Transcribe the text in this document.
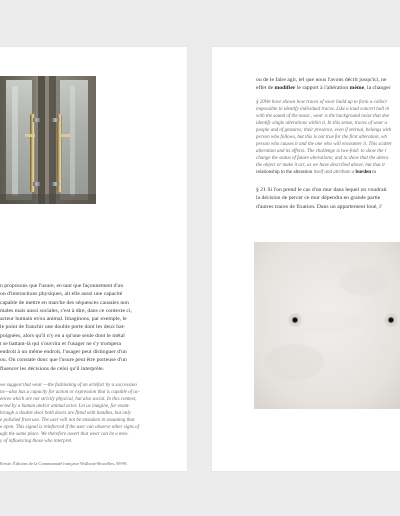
n proposons que l'usure, en tant que façonnement d'un
on d'interactions physiques, ait elle aussi une capacité
capable de mettre en marche des séquences causales non
males mais aussi sociales, c'est à dire, dans ce contexte ci,
acteur humain et/ou animal. Imaginons, par exemple, le
le point de franchir une double porte dont les deux bat-
poignées, alors qu'il n'y en a qu'une seule dont le métal
t se battant-là qui s'ouvrira et l'usager ne s'y trompera
endroit à un même endroit, l'usager peut distinguer d'un
ou. On constate donc que l'usure peut être porteuse d'un
fluencer les décisions de celui qu'il interprète.
we suggest that wear —the fashioning of an artefact by a succession
ns—also has a capacity for action or expression that is capable of ac-
ences which are not strictly physical, but also social. In this context,
ected by a human and/or animal actor. Let us imagine, for exam-
hrough a double door both doors are fitted with handles, but only
e polished from use. The user will not be mistaken in assuming that
e open. This signal is reinforced if the user can observe other signs of
ugh the same place. We therefore assert that wear can be a mes-
y of influencing those who interpret.
Eerste. Éditions de la Communauté française Wallonie-Bruxelles, 88-99.
ou de le faire agir, tel que nous l'avons décrit jusqu'ici, ne
effet de modifier le rapport à l'altération même, la changer
§ 20We have shown how traces of wear build up to form a collect
impossible to identify individual traces. Like a loud concert hall in
with the sound of the music, wear is the background noise that doe
identify single alterations within it. In this sense, traces of wear a
people and of gestures; their presence, even if eternal, belongs with
person who follows, but this is not true for the first alteration, wh
person who causes it and the one who will encounter it. This scatter
alteration and its effects. The challenge is two-fold: to show the r
change the status of future alterations; and to show that the altera
the object or make it act, as we have described above, but that it
relationship to the alteration itself and attribute a burden to
§ 21 Si l'on prend le cas d'un mur dans lequel on voudrait
la décision de percer ce mur dépendra en grande partie
d'autres traces de fixation. Dans un appartement loué, l'
